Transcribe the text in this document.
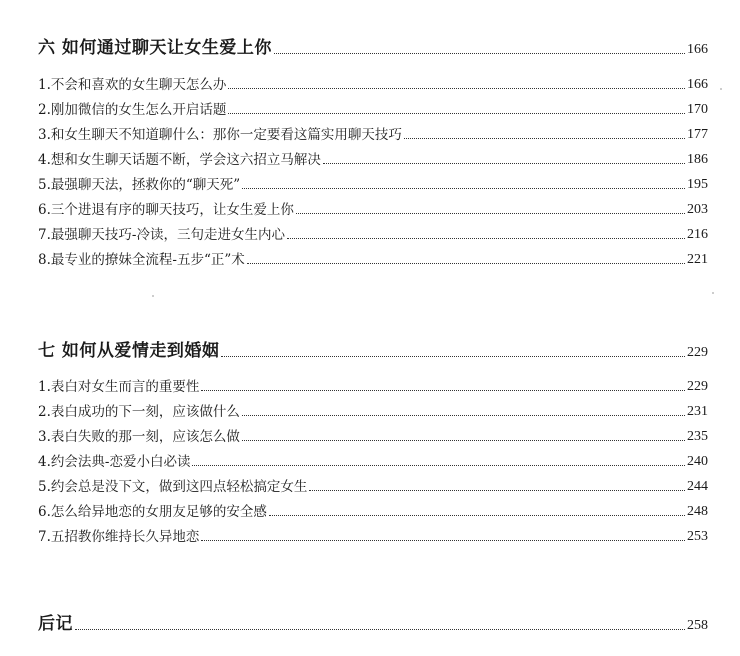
六 如何通过聊天让女生爱上你	166
1.不会和喜欢的女生聊天怎么办	166
2.刚加微信的女生怎么开启话题	170
3.和女生聊天不知道聊什么：那你一定要看这篇实用聊天技巧	177
4.想和女生聊天话题不断，学会这六招立马解决	186
5.最强聊天法，拯救你的“聊天死”	195
6.三个进退有序的聊天技巧，让女生爱上你	203
7.最强聊天技巧-冷读，三句走进女生内心	216
8.最专业的撩妹全流程-五步“正”术	221
七 如何从爱情走到婚姻	229
1.表白对女生而言的重要性	229
2.表白成功的下一刻，应该做什么	231
3.表白失败的那一刻，应该怎么做	235
4.约会法典-恋爱小白必读	240
5.约会总是没下文，做到这四点轻松搞定女生	244
6.怎么给异地恋的女朋友足够的安全感	248
7.五招教你维持长久异地恋	253
后记	258
